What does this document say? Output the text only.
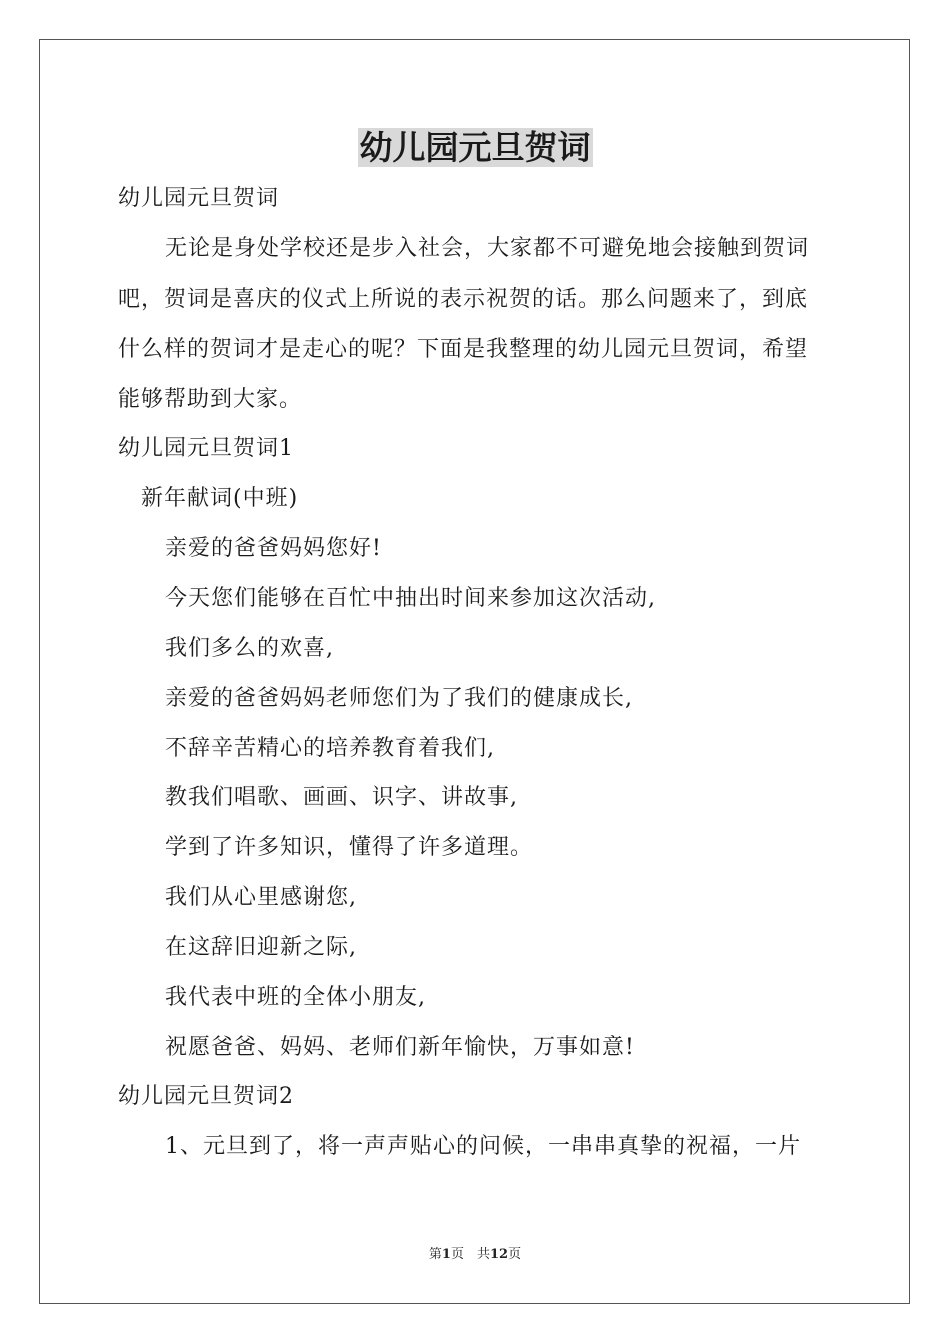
幼儿园元旦贺词
幼儿园元旦贺词
无论是身处学校还是步入社会，大家都不可避免地会接触到贺词
吧，贺词是喜庆的仪式上所说的表示祝贺的话。那么问题来了，到底
什么样的贺词才是走心的呢？下面是我整理的幼儿园元旦贺词，希望
能够帮助到大家。
幼儿园元旦贺词1
新年献词(中班)
亲爱的爸爸妈妈您好!
今天您们能够在百忙中抽出时间来参加这次活动,
我们多么的欢喜,
亲爱的爸爸妈妈老师您们为了我们的健康成长,
不辞辛苦精心的培养教育着我们,
教我们唱歌、画画、识字、讲故事,
学到了许多知识，懂得了许多道理。
我们从心里感谢您,
在这辞旧迎新之际,
我代表中班的全体小朋友,
祝愿爸爸、妈妈、老师们新年愉快，万事如意!
幼儿园元旦贺词2
1、元旦到了，将一声声贴心的问候，一串串真挚的祝福，一片
第1页　共12页
